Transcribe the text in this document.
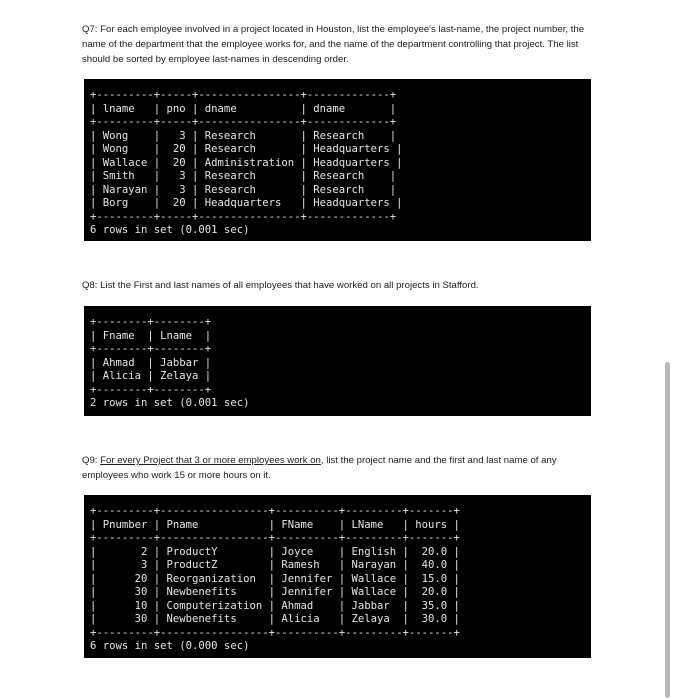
Q7: For each employee involved in a project located in Houston, list the employee's last-name, the project number, the name of the department that the employee works for, and the name of the department controlling that project. The list should be sorted by employee last-names in descending order.
+---------+-----+----------------+-------------+
| lname   | pno | dname          | dname       |
+---------+-----+----------------+-------------+
| Wong    |   3 | Research       | Research    |
| Wong    |  20 | Research       | Headquarters |
| Wallace |  20 | Administration | Headquarters |
| Smith   |   3 | Research       | Research    |
| Narayan |   3 | Research       | Research    |
| Borg    |  20 | Headquarters   | Headquarters |
+---------+-----+----------------+-------------+
6 rows in set (0.001 sec)
Q8: List the First and last names of all employees that have worked on all projects in Stafford.
+--------+--------+
| Fname  | Lname  |
+--------+--------+
| Ahmad  | Jabbar |
| Alicia | Zelaya |
+--------+--------+
2 rows in set (0.001 sec)
Q9: For every Project that 3 or more employees work on, list the project name and the first and last name of any employees who work 15 or more hours on it.
+---------+-----------------+----------+---------+-------+
| Pnumber | Pname           | FName    | LName   | hours |
+---------+-----------------+----------+---------+-------+
|       2 | ProductY        | Joyce    | English |  20.0 |
|       3 | ProductZ        | Ramesh   | Narayan |  40.0 |
|      20 | Reorganization  | Jennifer | Wallace |  15.0 |
|      30 | Newbenefits     | Jennifer | Wallace |  20.0 |
|      10 | Computerization | Ahmad    | Jabbar  |  35.0 |
|      30 | Newbenefits     | Alicia   | Zelaya  |  30.0 |
+---------+-----------------+----------+---------+-------+
6 rows in set (0.000 sec)
